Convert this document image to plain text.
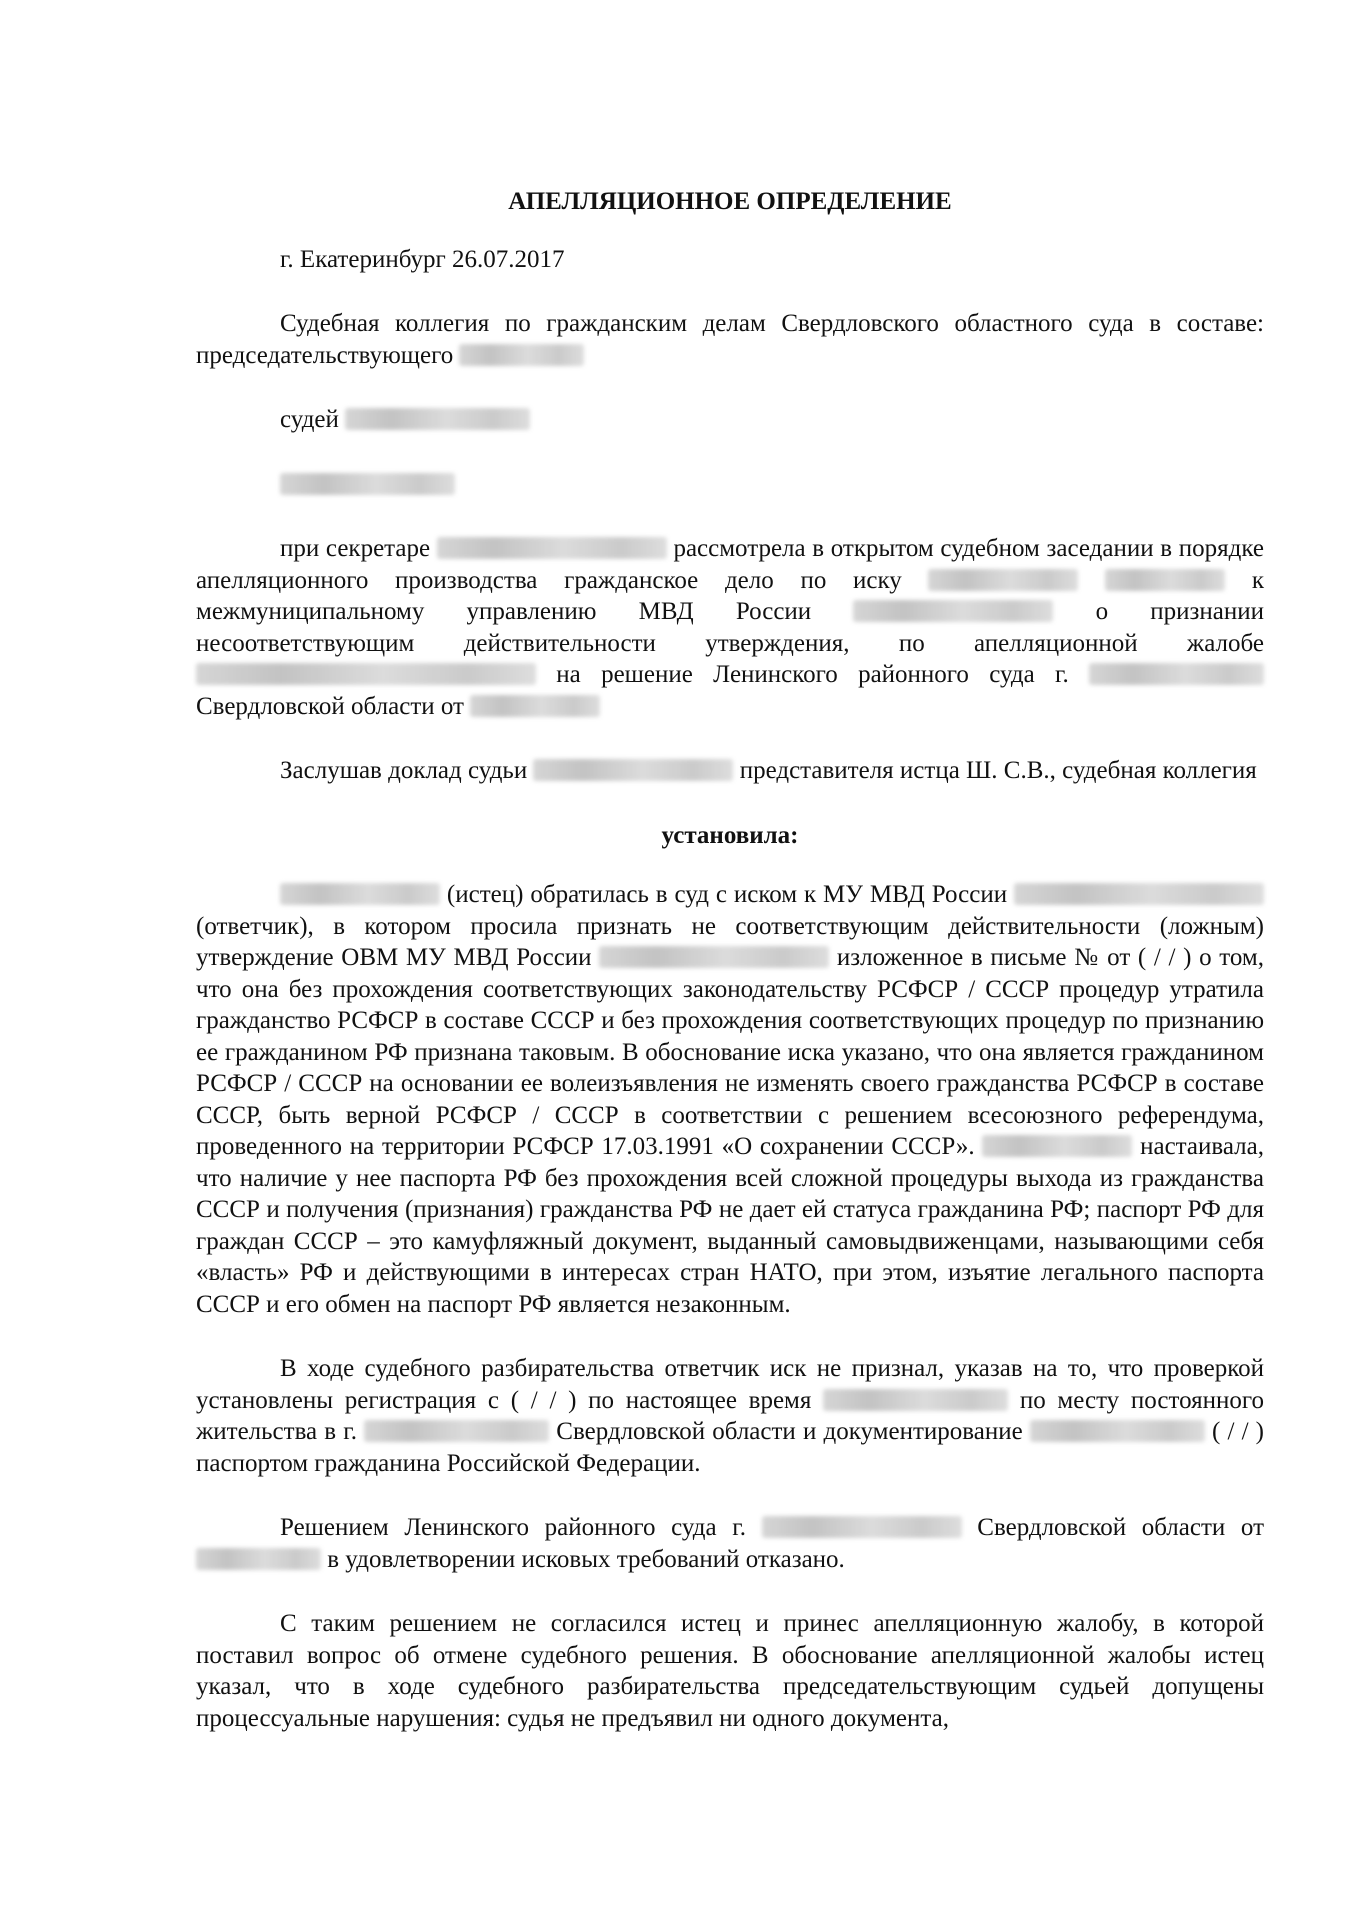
АПЕЛЛЯЦИОННОЕ ОПРЕДЕЛЕНИЕ

г. Екатеринбург 26.07.2017

Судебная коллегия по гражданским делам Свердловского областного суда в составе: председательствующего

судей

при секретаре	рассмотрела в открытом судебном заседании в порядке апелляционного производства гражданское дело по иску	к межмуниципальному управлению МВД России	о признании несоответствующим действительности утверждения, по апелляционной жалобе  на решение Ленинского районного суда г.  Свердловской области от

Заслушав доклад судьи	представителя истца Ш. С.В., судебная коллегия

установила:

(истец) обратилась в суд с иском к МУ МВД России  (ответчик), в котором просила признать не соответствующим действительности (ложным) утверждение ОВМ МУ МВД России	изложенное в письме № от ( / / ) о том, что она без прохождения соответствующих законодательству РСФСР / СССР процедур утратила гражданство РСФСР в составе СССР и без прохождения соответствующих процедур по признанию ее гражданином РФ признана таковым. В обоснование иска указано, что она является гражданином РСФСР / СССР на основании ее волеизъявления не изменять своего гражданства РСФСР в составе СССР, быть верной РСФСР / СССР в соответствии с решением всесоюзного референдума, проведенного на территории РСФСР 17.03.1991 «О сохранении СССР».	настаивала, что наличие у нее паспорта РФ без прохождения всей сложной процедуры выхода из гражданства СССР и получения (признания) гражданства РФ не дает ей статуса гражданина РФ; паспорт РФ для граждан СССР – это камуфляжный документ, выданный самовыдвиженцами, называющими себя «власть» РФ и действующими в интересах стран НАТО, при этом, изъятие легального паспорта СССР и его обмен на паспорт РФ является незаконным.

В ходе судебного разбирательства ответчик иск не признал, указав на то, что проверкой установлены регистрация с ( / / ) по настоящее время	по месту постоянного жительства в г.	Свердловской области и документирование	( / / ) паспортом гражданина Российской Федерации.

Решением Ленинского районного суда г.	Свердловской области от  в удовлетворении исковых требований отказано.

С таким решением не согласился истец и принес апелляционную жалобу, в которой поставил вопрос об отмене судебного решения. В обоснование апелляционной жалобы истец указал, что в ходе судебного разбирательства председательствующим судьей допущены процессуальные нарушения: судья не предъявил ни одного документа,
